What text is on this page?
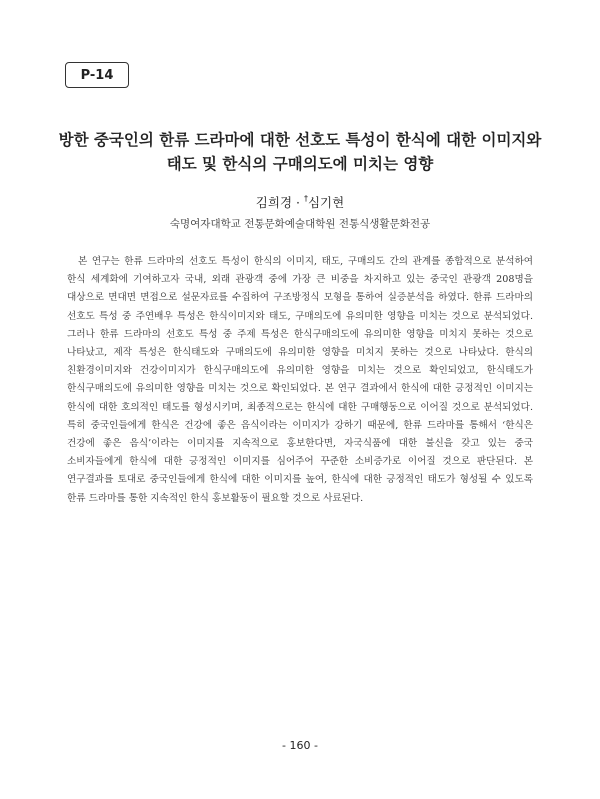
P-14
방한 중국인의 한류 드라마에 대한 선호도 특성이 한식에 대한 이미지와
태도 및 한식의 구매의도에 미치는 영향
김희경 · †심기현
숙명여자대학교 전통문화예술대학원 전통식생활문화전공

본 연구는 한류 드라마의 선호도 특성이 한식의 이미지, 태도, 구매의도 간의 관계를 종합적으로 분석하여 한식 세계화에 기여하고자 국내, 외래 관광객 중에 가장 큰 비중을 차지하고 있는 중국인 관광객 208명을 대상으로 면대면 면접으로 설문자료를 수집하여 구조방정식 모형을 통하여 실증분석을 하였다. 한류 드라마의 선호도 특성 중 주연배우 특성은 한식이미지와 태도, 구매의도에 유의미한 영향을 미치는 것으로 분석되었다. 그러나 한류 드라마의 선호도 특성 중 주제 특성은 한식구매의도에 유의미한 영향을 미치지 못하는 것으로 나타났고, 제작 특성은 한식태도와 구매의도에 유의미한 영향을 미치지 못하는 것으로 나타났다. 한식의 친환경이미지와 건강이미지가 한식구매의도에 유의미한 영향을 미치는 것으로 확인되었고, 한식태도가 한식구매의도에 유의미한 영향을 미치는 것으로 확인되었다. 본 연구 결과에서 한식에 대한 긍정적인 이미지는 한식에 대한 호의적인 태도를 형성시키며, 최종적으로는 한식에 대한 구매행동으로 이어질 것으로 분석되었다. 특히 중국인들에게 한식은 건강에 좋은 음식이라는 이미지가 강하기 때문에, 한류 드라마를 통해서 ‘한식은 건강에 좋은 음식’이라는 이미지를 지속적으로 홍보한다면, 자국식품에 대한 불신을 갖고 있는 중국 소비자들에게 한식에 대한 긍정적인 이미지를 심어주어 꾸준한 소비증가로 이어질 것으로 판단된다. 본 연구결과를 토대로 중국인들에게 한식에 대한 이미지를 높여, 한식에 대한 긍정적인 태도가 형성될 수 있도록 한류 드라마를 통한 지속적인 한식 홍보활동이 필요할 것으로 사료된다.

- 160 -
